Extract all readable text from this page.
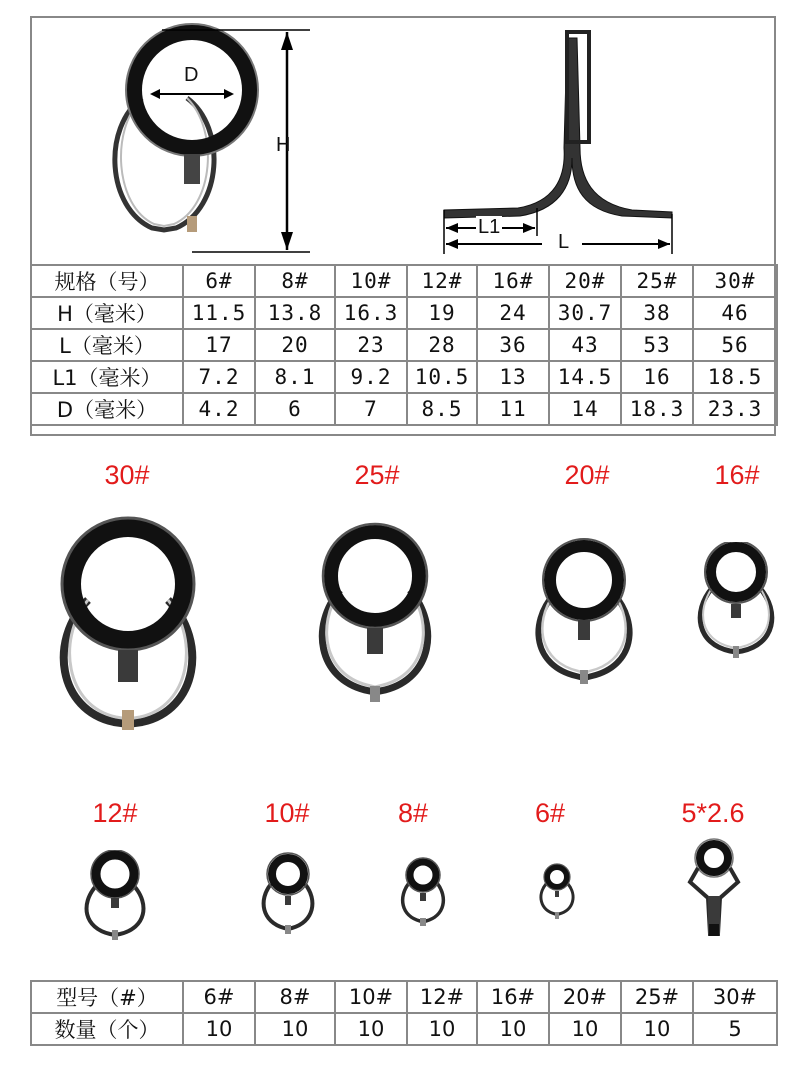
D
H
L1
L
规格（号）	6#	8#	10#	12#	16#	20#	25#	30#
H（毫米）	11.5	13.8	16.3	19	24	30.7	38	46
L（毫米）	17	20	23	28	36	43	53	56
L1（毫米）	7.2	8.1	9.2	10.5	13	14.5	16	18.5
D（毫米）	4.2	6	7	8.5	11	14	18.3	23.3
30#	25#	20#	16#
12#	10#	8#	6#	5*2.6
型号（#）	6#	8#	10#	12#	16#	20#	25#	30#
数量（个）	10	10	10	10	10	10	10	5
